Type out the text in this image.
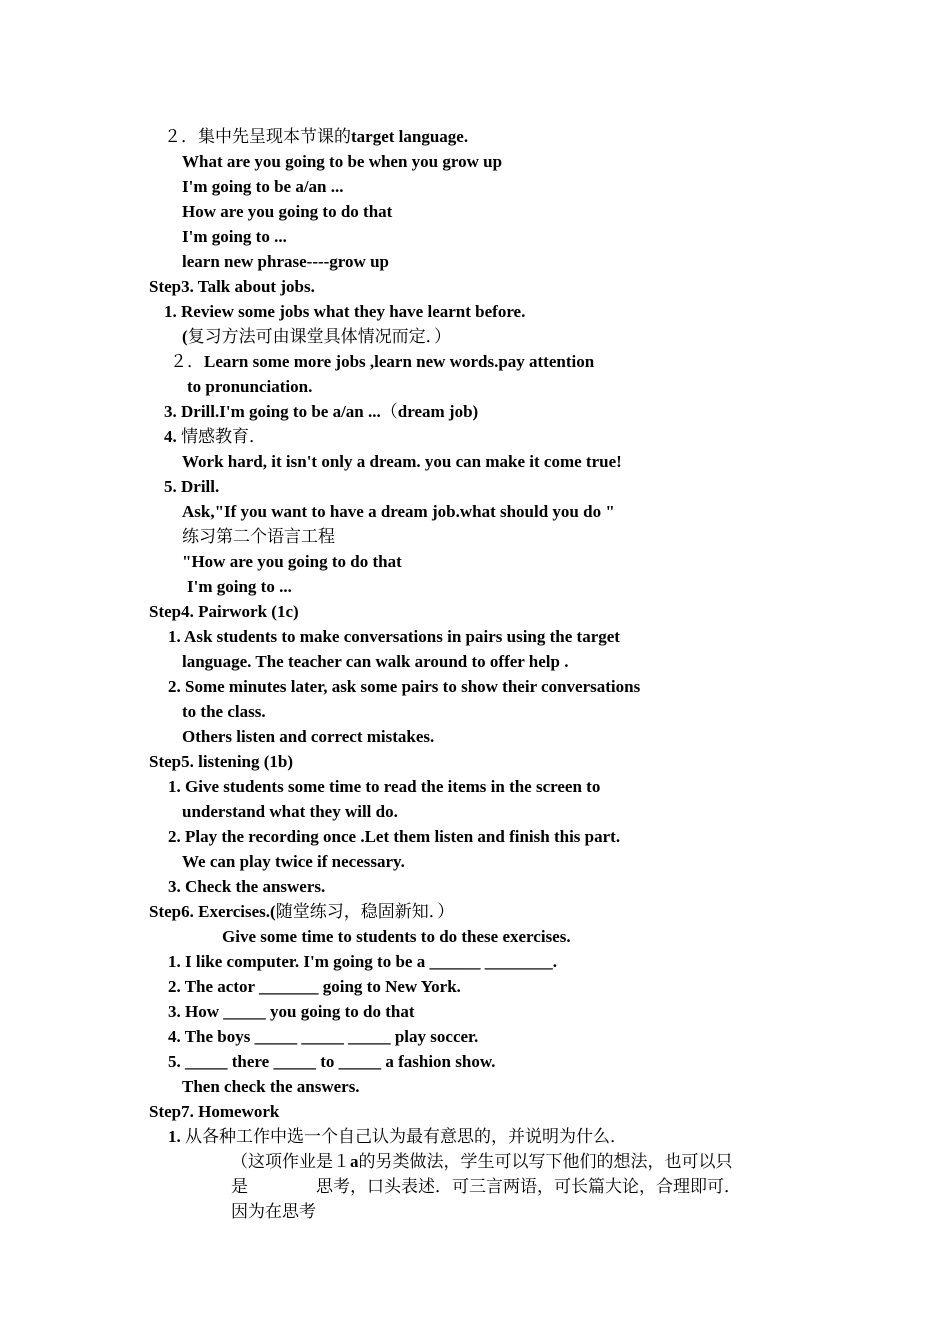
２．集中先呈现本节课的target language.
What are you going to be when you grow up
I'm going to be a/an ...
How are you going to do that
I'm going to ...
learn new phrase----grow up
Step3. Talk about jobs.
1. Review some jobs what they have learnt before.
(复习方法可由课堂具体情况而定．）
２．Learn some more jobs ,learn new words.pay attention
to pronunciation.
3. Drill.I'm going to be a/an ...（dream job)
4. 情感教育．
Work hard, it isn't only a dream. you can make it come true!
5. Drill.
Ask,"If you want to have a dream job.what should you do "
练习第二个语言工程
"How are you going to do that
I'm going to ...
Step4. Pairwork (1c)
1. Ask students to make conversations in pairs using the target
language. The teacher can walk around to offer help .
2. Some minutes later, ask some pairs to show their conversations
to the class.
Others listen and correct mistakes.
Step5. listening (1b)
1. Give students some time to read the items in the screen to
understand what they will do.
2. Play the recording once .Let them listen and finish this part.
We can play twice if necessary.
3. Check the answers.
Step6. Exercises.(随堂练习，稳固新知．）
Give some time to students to do these exercises.
1. I like computer. I'm going to be a ______ ________.
2. The actor _______ going to New York.
3. How _____ you going to do that
4. The boys _____ _____ _____ play soccer.
5. _____ there _____ to _____ a fashion show.
Then check the answers.
Step7. Homework
1. 从各种工作中选一个自己认为最有意思的，并说明为什么．
（这项作业是１a的另类做法，学生可以写下他们的想法，也可以只
是　　　　思考，口头表述．可三言两语，可长篇大论，合理即可．
因为在思考
